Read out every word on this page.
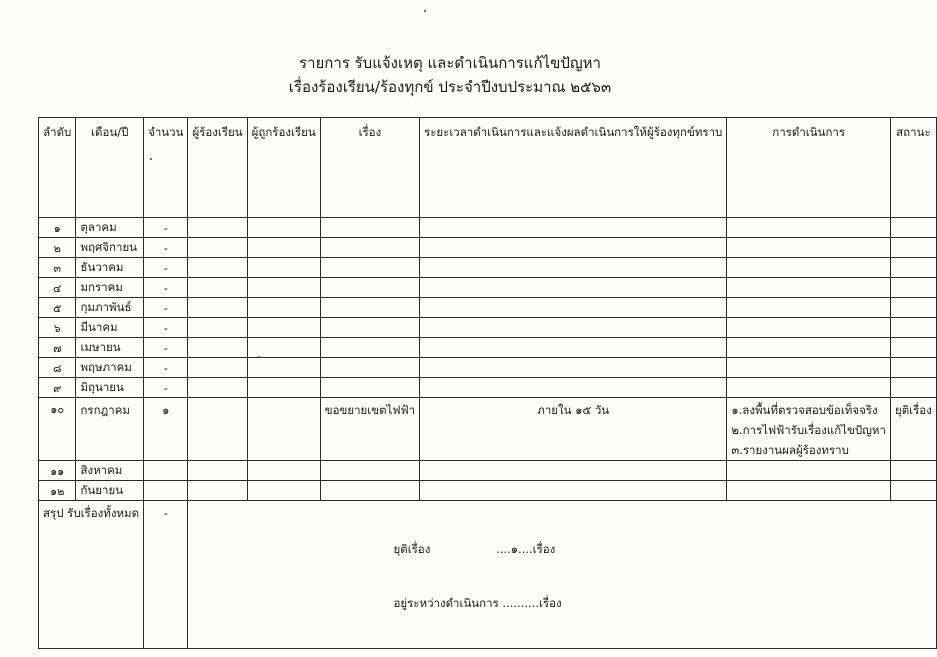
รายการ รับแจ้งเหตุ และดำเนินการแก้ไขปัญหา
เรื่องร้องเรียน/ร้องทุกข์ ประจำปีงบประมาณ ๒๕๖๓
ลำดับ	เดือน/ปี	จำนวน	ผู้ร้องเรียน	ผู้ถูกร้องเรียน	เรื่อง	ระยะเวลาดำเนินการและแจ้งผลดำเนินการให้ผู้ร้องทุกข์ทราบ	การดำเนินการ	สถานะ
๑	ตุลาคม	-						
๒	พฤศจิกายน	-						
๓	ธันวาคม	-						
๔	มกราคม	-						
๕	กุมภาพันธ์	-						
๖	มีนาคม	-						
๗	เมษายน	-						
๘	พฤษภาคม	-						
๙	มิถุนายน	-						
๑๐	กรกฎาคม	๑			ขอขยายเขตไฟฟ้า	ภายใน ๑๕ วัน	๑.ลงพื้นที่ตรวจสอบข้อเท็จจริง
๒.การไฟฟ้ารับเรื่องแก้ไขปัญหา
๓.รายงานผลผู้ร้องทราบ	ยุติเรื่อง
๑๑	สิงหาคม							
๑๒	กันยายน							
สรุป รับเรื่องทั้งหมด		-	ยุติเรื่อง                  ....๑....เรื่อง

อยู่ระหว่างดำเนินการ ..........เรื่อง					
